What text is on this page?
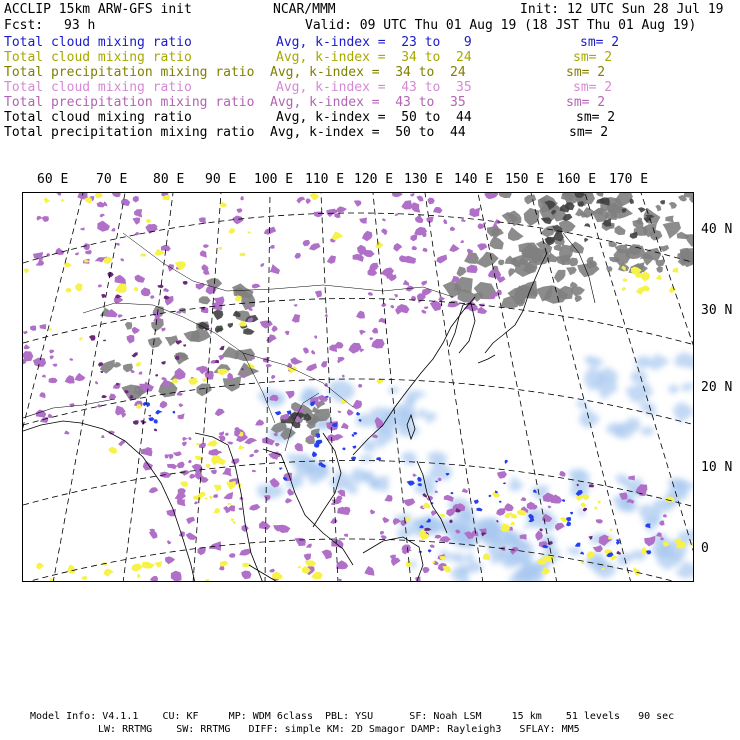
ACCLIP 15km ARW-GFS init	NCAR/MMM	Init: 12 UTC Sun 28 Jul 19
Fcst: 93 h	Valid: 09 UTC Thu 01 Aug 19 (18 JST Thu 01 Aug 19)
Total cloud mixing ratio	Avg, k-index =  23 to   9	sm= 2
Total cloud mixing ratio	Avg, k-index =  34 to  24	sm= 2
Total precipitation mixing ratio Avg, k-index =  34 to  24	sm= 2
Total cloud mixing ratio	Avg, k-index =  43 to  35	sm= 2
Total precipitation mixing ratio Avg, k-index =  43 to  35	sm= 2
Total cloud mixing ratio	Avg, k-index =  50 to  44	sm= 2
Total precipitation mixing ratio Avg, k-index =  50 to  44	sm= 2
60 E 70 E 80 E 90 E 100 E 110 E 120 E 130 E 140 E 150 E 160 E 170 E
40 N
30 N
20 N
10 N
0
Model Info: V4.1.1    CU: KF     MP: WDM 6class  PBL: YSU      SF: Noah LSM     15 km    51 levels   90 sec
LW: RRTMG    SW: RRTMG   DIFF: simple KM: 2D Smagor DAMP: Rayleigh3   SFLAY: MM5
